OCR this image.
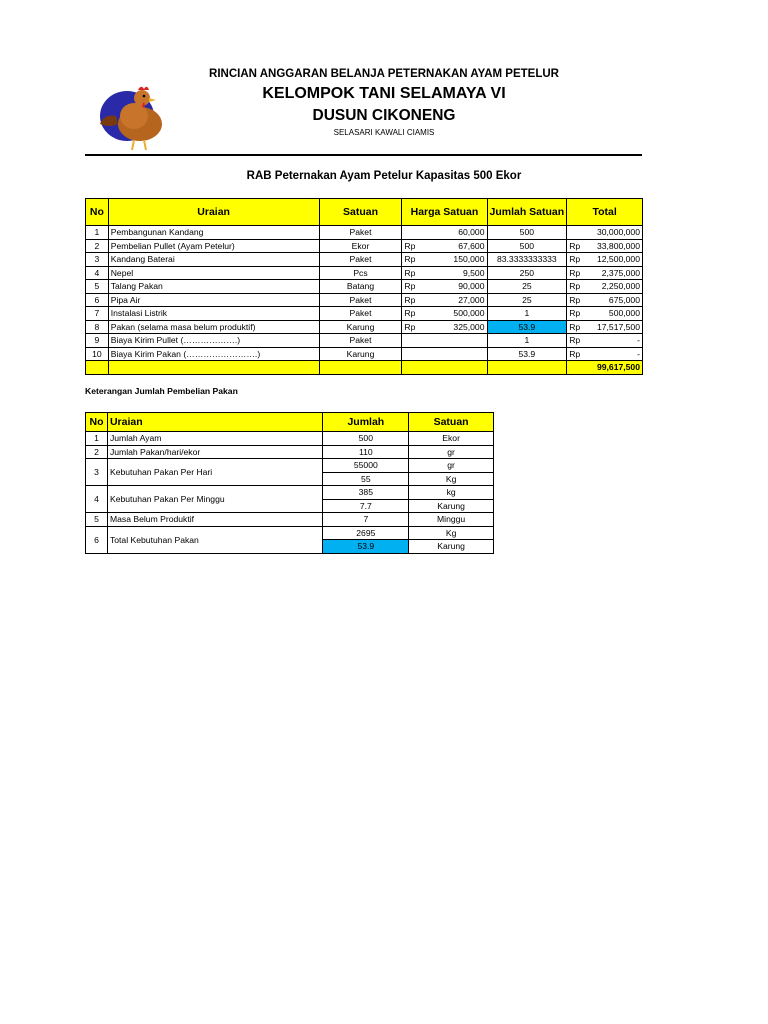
RINCIAN ANGGARAN BELANJA PETERNAKAN AYAM PETELUR
KELOMPOK TANI SELAMAYA VI
DUSUN CIKONENG
SELASARI KAWALI CIAMIS
RAB Peternakan Ayam Petelur Kapasitas 500 Ekor
No	Uraian	Satuan	Harga Satuan	Jumlah Satuan	Total
1	Pembangunan Kandang	Paket	60,000	500	30,000,000

2	Pembelian Pullet (Ayam Petelur)	Ekor	Rp 67,600	500	Rp 33,800,000

3	Kandang Baterai	Paket	Rp 150,000	83.3333333333	Rp 12,500,000

4	Nepel	Pcs	Rp 9,500	250	Rp 2,375,000

5	Talang Pakan	Batang	Rp 90,000	25	Rp 2,250,000

6	Pipa Air	Paket	Rp 27,000	25	Rp 675,000

7	Instalasi Listrik	Paket	Rp 500,000	1	Rp 500,000

8	Pakan (selama masa belum produktif)	Karung	Rp 325,000	53.9	Rp 17,517,500

9	Biaya Kirim Pullet (……………….)	Paket		1	Rp -

10	Biaya Kirim Pakan (…………………….)	Karung		53.9	Rp -

					99,617,500
Keterangan Jumlah Pembelian Pakan
No	Uraian	Jumlah	Satuan
1	Jumlah Ayam	500	Ekor
2	Jumlah Pakan/hari/ekor	110	gr
3	Kebutuhan Pakan Per Hari	55000	gr
		55	Kg
4	Kebutuhan Pakan Per Minggu	385	kg
		7.7	Karung
5	Masa Belum Produktif	7	Minggu
6	Total Kebutuhan Pakan	2695	Kg
		53.9	Karung
